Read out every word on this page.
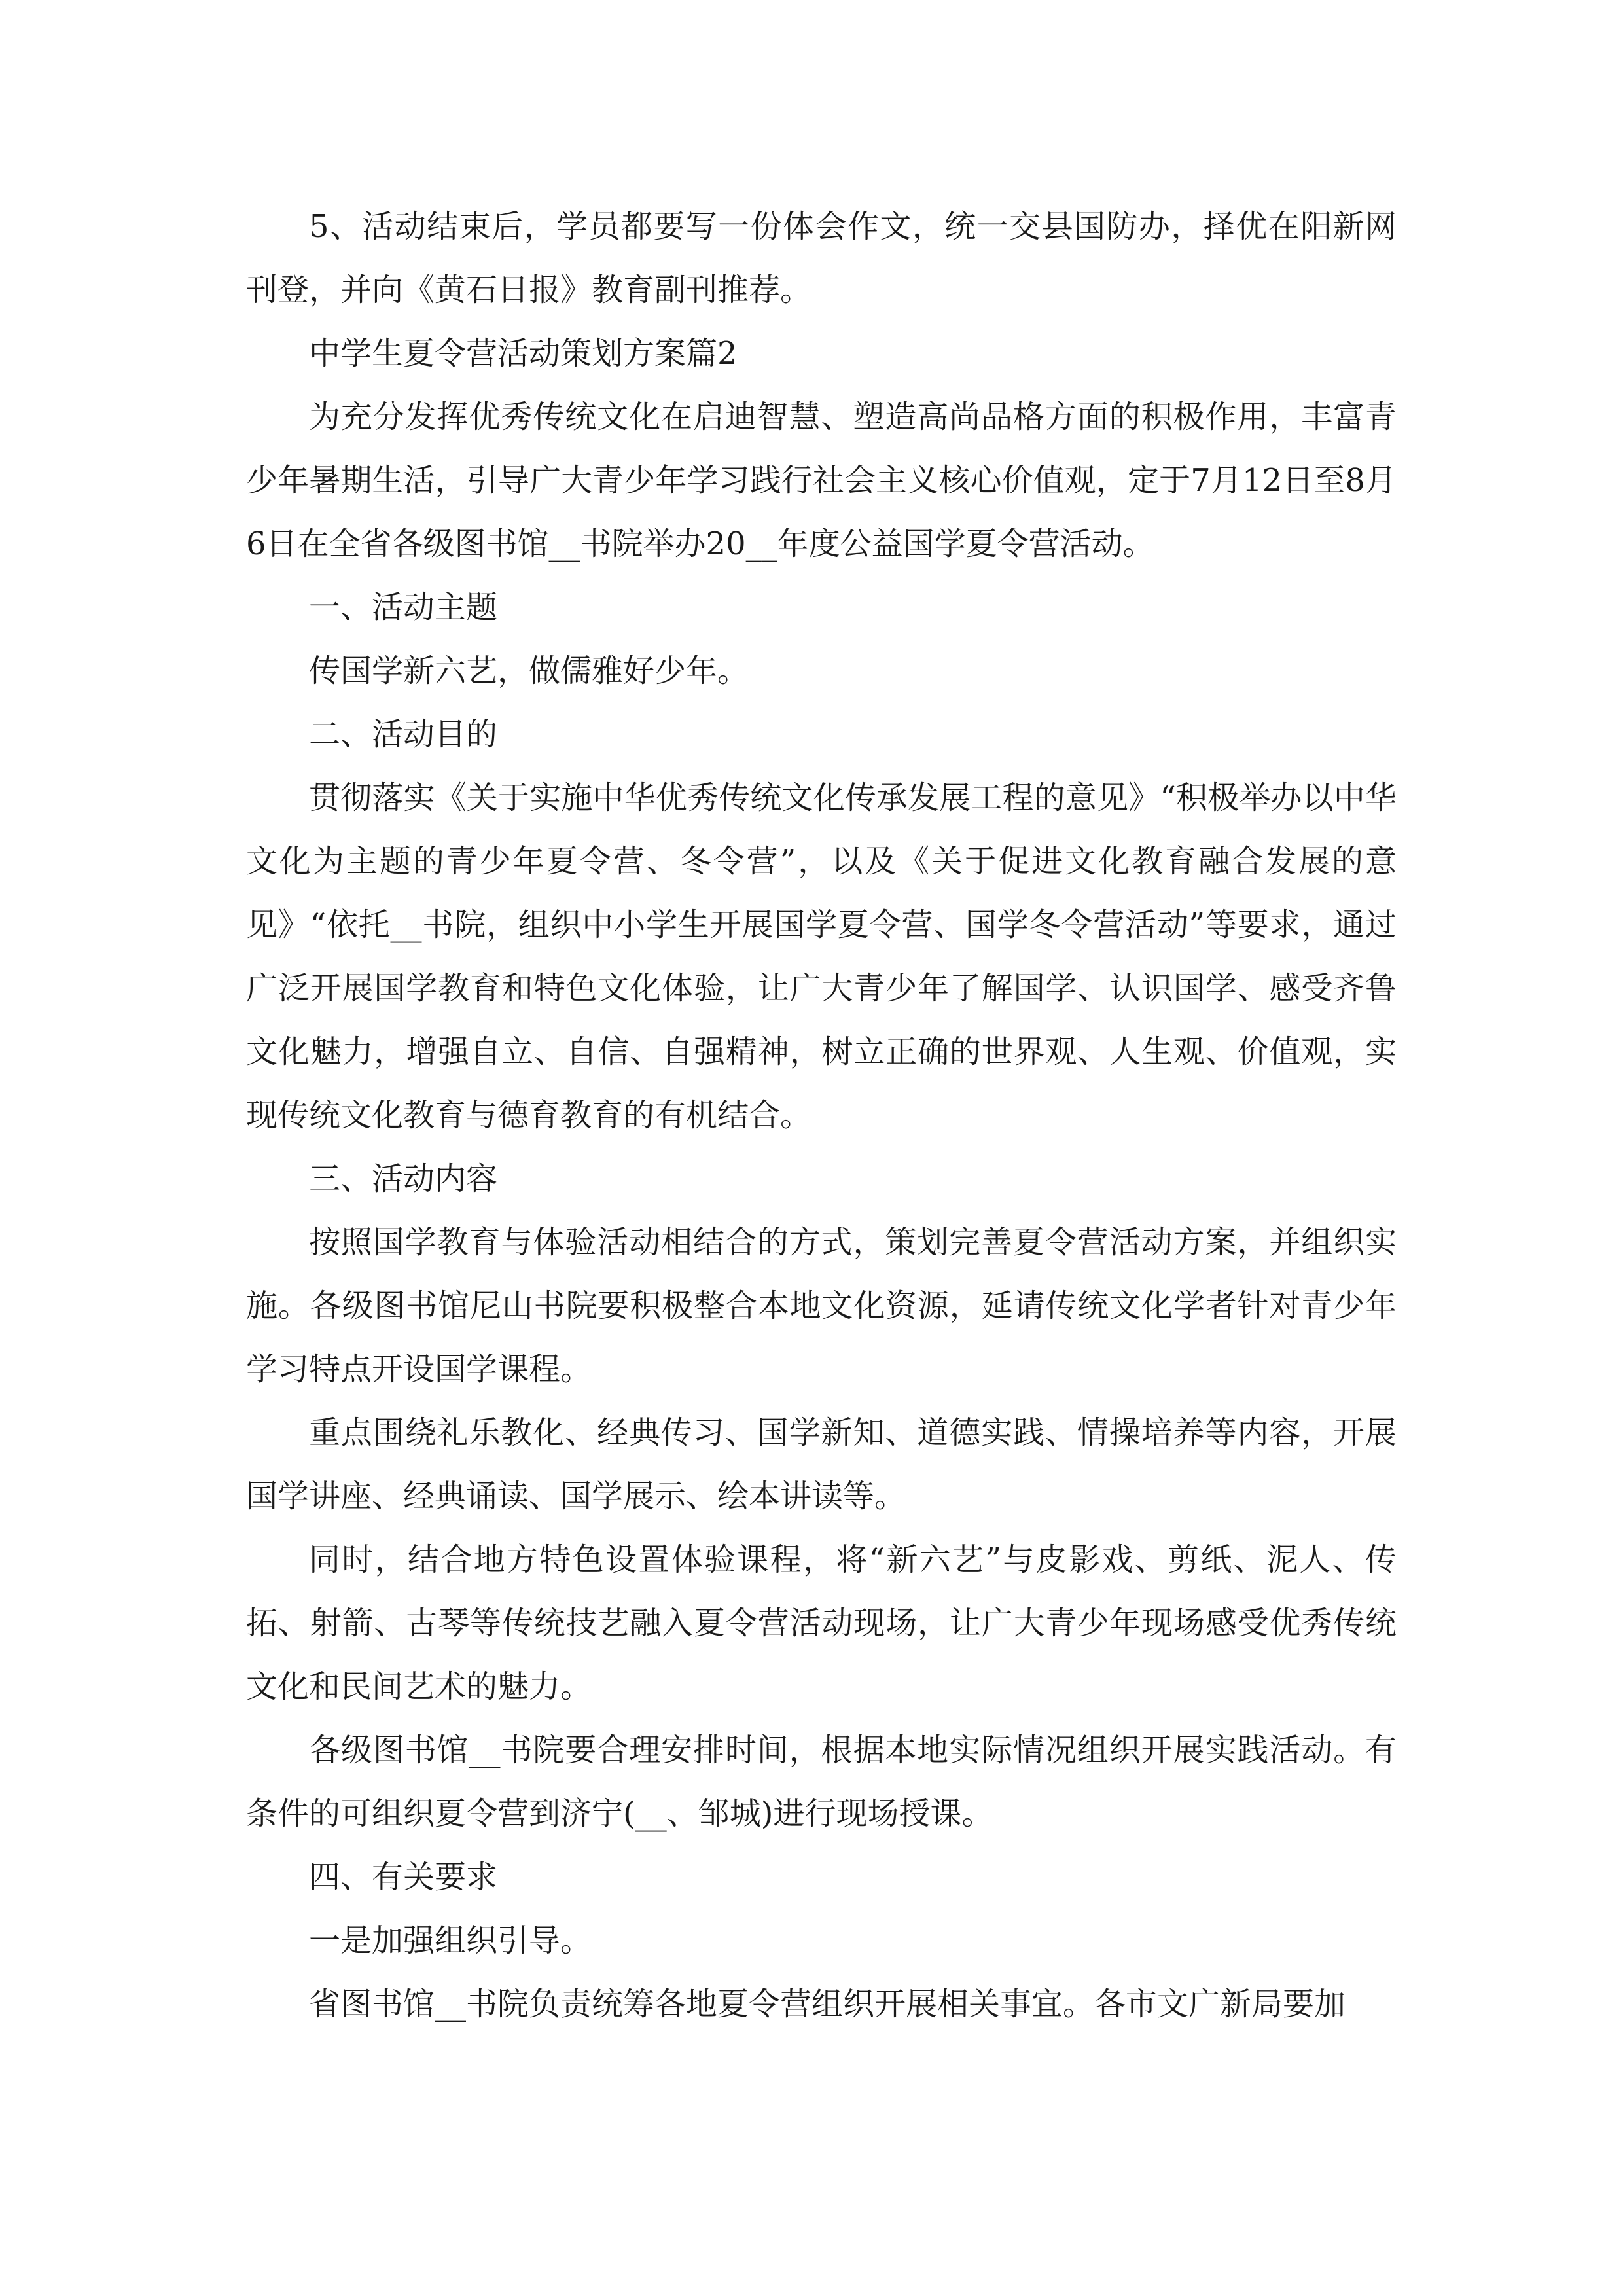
5、活动结束后，学员都要写一份体会作文，统一交县国防办，择优在阳新网刊登，并向《黄石日报》教育副刊推荐。

中学生夏令营活动策划方案篇2

为充分发挥优秀传统文化在启迪智慧、塑造高尚品格方面的积极作用，丰富青少年暑期生活，引导广大青少年学习践行社会主义核心价值观，定于7月12日至8月6日在全省各级图书馆__书院举办20__年度公益国学夏令营活动。

一、活动主题

传国学新六艺，做儒雅好少年。

二、活动目的

贯彻落实《关于实施中华优秀传统文化传承发展工程的意见》“积极举办以中华文化为主题的青少年夏令营、冬令营”，以及《关于促进文化教育融合发展的意见》“依托__书院，组织中小学生开展国学夏令营、国学冬令营活动”等要求，通过广泛开展国学教育和特色文化体验，让广大青少年了解国学、认识国学、感受齐鲁文化魅力，增强自立、自信、自强精神，树立正确的世界观、人生观、价值观，实现传统文化教育与德育教育的有机结合。

三、活动内容

按照国学教育与体验活动相结合的方式，策划完善夏令营活动方案，并组织实施。各级图书馆尼山书院要积极整合本地文化资源，延请传统文化学者针对青少年学习特点开设国学课程。

重点围绕礼乐教化、经典传习、国学新知、道德实践、情操培养等内容，开展国学讲座、经典诵读、国学展示、绘本讲读等。

同时，结合地方特色设置体验课程，将“新六艺”与皮影戏、剪纸、泥人、传拓、射箭、古琴等传统技艺融入夏令营活动现场，让广大青少年现场感受优秀传统文化和民间艺术的魅力。

各级图书馆__书院要合理安排时间，根据本地实际情况组织开展实践活动。有条件的可组织夏令营到济宁(__、邹城)进行现场授课。

四、有关要求

一是加强组织引导。

省图书馆__书院负责统筹各地夏令营组织开展相关事宜。各市文广新局要加
